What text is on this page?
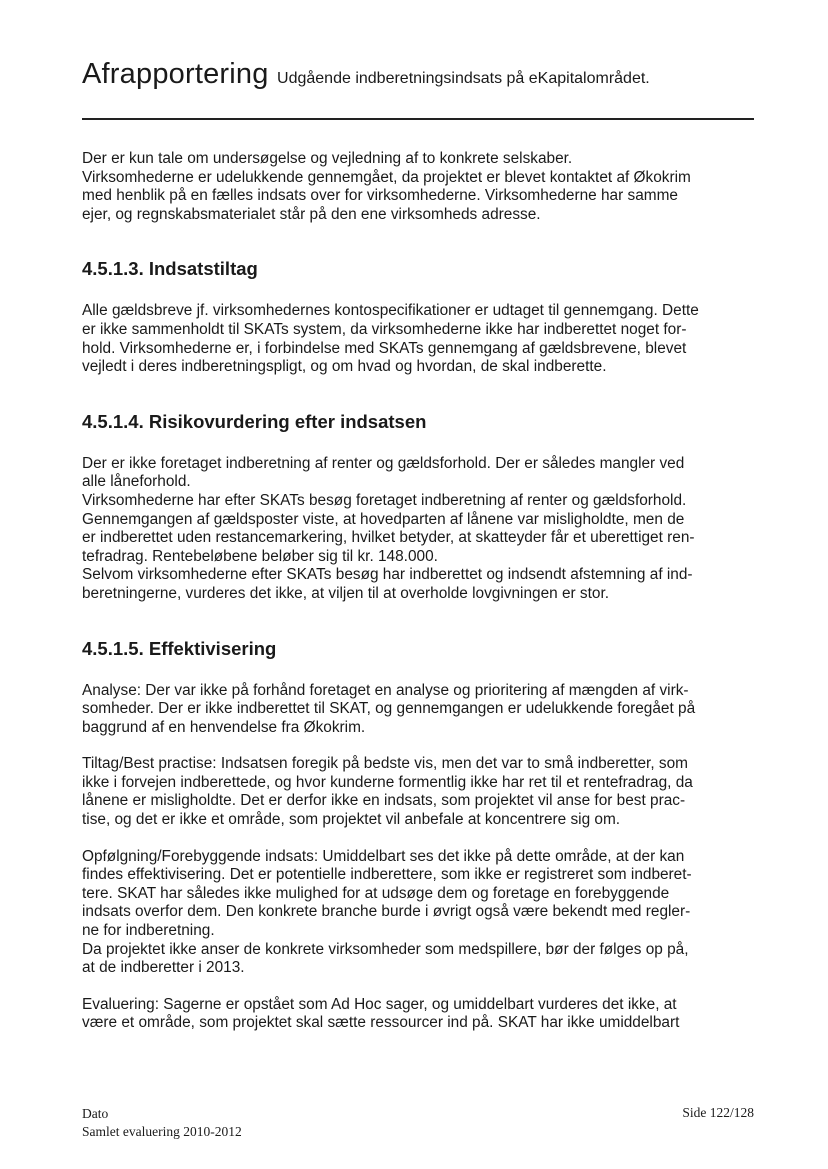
Afrapportering Udgående indberetningsindsats på eKapitalområdet.

Der er kun tale om undersøgelse og vejledning af to konkrete selskaber.
Virksomhederne er udelukkende gennemgået, da projektet er blevet kontaktet af Økokrim
med henblik på en fælles indsats over for virksomhederne. Virksomhederne har samme
ejer, og regnskabsmaterialet står på den ene virksomheds adresse.

4.5.1.3. Indsatstiltag

Alle gældsbreve jf. virksomhedernes kontospecifikationer er udtaget til gennemgang. Dette
er ikke sammenholdt til SKATs system, da virksomhederne ikke har indberettet noget for-
hold. Virksomhederne er, i forbindelse med SKATs gennemgang af gældsbrevene, blevet
vejledt i deres indberetningspligt, og om hvad og hvordan, de skal indberette.

4.5.1.4. Risikovurdering efter indsatsen

Der er ikke foretaget indberetning af renter og gældsforhold. Der er således mangler ved
alle låneforhold.
Virksomhederne har efter SKATs besøg foretaget indberetning af renter og gældsforhold.
Gennemgangen af gældsposter viste, at hovedparten af lånene var misligholdte, men de
er indberettet uden restancemarkering, hvilket betyder, at skatteyder får et uberettiget ren-
tefradrag. Rentebeløbene beløber sig til kr. 148.000.
Selvom virksomhederne efter SKATs besøg har indberettet og indsendt afstemning af ind-
beretningerne, vurderes det ikke, at viljen til at overholde lovgivningen er stor.

4.5.1.5. Effektivisering

Analyse: Der var ikke på forhånd foretaget en analyse og prioritering af mængden af virk-
somheder. Der er ikke indberettet til SKAT, og gennemgangen er udelukkende foregået på
baggrund af en henvendelse fra Økokrim.

Tiltag/Best practise: Indsatsen foregik på bedste vis, men det var to små indberetter, som
ikke i forvejen indberettede, og hvor kunderne formentlig ikke har ret til et rentefradrag, da
lånene er misligholdte. Det er derfor ikke en indsats, som projektet vil anse for best prac-
tise, og det er ikke et område, som projektet vil anbefale at koncentrere sig om.

Opfølgning/Forebyggende indsats: Umiddelbart ses det ikke på dette område, at der kan
findes effektivisering. Det er potentielle indberettere, som ikke er registreret som indberet-
tere. SKAT har således ikke mulighed for at udsøge dem og foretage en forebyggende
indsats overfor dem. Den konkrete branche burde i øvrigt også være bekendt med regler-
ne for indberetning.
Da projektet ikke anser de konkrete virksomheder som medspillere, bør der følges op på,
at de indberetter i 2013.

Evaluering: Sagerne er opstået som Ad Hoc sager, og umiddelbart vurderes det ikke, at
være et område, som projektet skal sætte ressourcer ind på. SKAT har ikke umiddelbart

Dato
Samlet evaluering 2010-2012
Side 122/128
